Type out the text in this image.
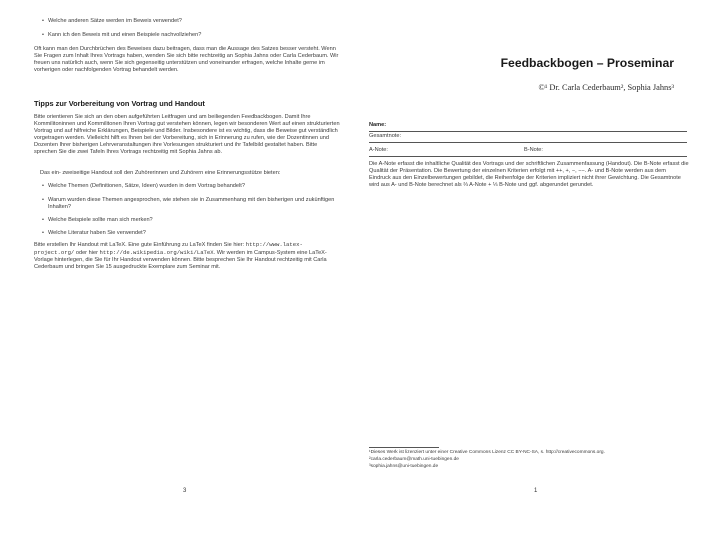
• Welche anderen Sätze werden im Beweis verwendet?
• Kann ich den Beweis mit und einen Beispiele nachvollziehen?
Oft kann man den Durchbrüchen des Beweises dazu beitragen, dass man die Aussage des Satzes besser versteht. Wenn Sie Fragen zum Inhalt Ihres Vortrags haben, wenden Sie sich bitte rechtzeitig an Sophia Jahns oder Carla Cederbaum. Wir freuen uns natürlich auch, wenn Sie sich gegenseitig unterstützen und voneinander erfragen, welche Inhalte gerne im vorherigen oder nachfolgenden Vortrag behandelt werden.
Tipps zur Vorbereitung von Vortrag und Handout
Bitte orientieren Sie sich an den oben aufgeführten Leitfragen und am beiliegenden Feedbackbogen. Damit Ihre Kommilitoninnen und Kommilitonen Ihren Vortrag gut verstehen können, legen wir besonderen Wert auf einen strukturierten Vortrag und auf hilfreiche Erklärungen, Beispiele und Bilder. Insbesondere ist es wichtig, dass die Beweise gut verständlich vorgetragen werden. Vielleicht hilft es Ihnen bei der Vorbereitung, sich in Erinnerung zu rufen, wie der Dozentinnen und Dozenten Ihrer bisherigen Lehrveranstaltungen ihre Vorlesungen strukturiert und ihr Tafelbild gestaltet haben. Bitte sprechen Sie die zwei Tafeln Ihres Vortrags rechtzeitig mit Sophia Jahns ab.
Das ein- zweiseitige Handout soll den Zuhörerinnen und Zuhörern eine Erinnerungsstütze bieten:
• Welche Themen (Definitionen, Sätze, Ideen) wurden in dem Vortrag behandelt?
• Warum wurden diese Themen angesprochen, wie stehen sie in Zusammenhang mit den bisherigen und zukünftigen Inhalten?
• Welche Beispiele sollte man sich merken?
• Welche Literatur haben Sie verwendet?
Bitte erstellen Ihr Handout mit LaTeX. Eine gute Einführung zu LaTeX finden Sie hier: http://www.latex-project.org/ oder hier http://de.wikipedia.org/wiki/LaTeX. Wir werden im Campus-System eine LaTeX-Vorlage hinterlegen, die Sie für Ihr Handout verwenden können. Bitte besprechen Sie Ihr Handout rechtzeitig mit Carla Cederbaum und bringen Sie 15 ausgedruckte Exemplare zum Seminar mit.
3
Feedbackbogen – Proseminar
©¹ Dr. Carla Cederbaum², Sophia Jahns³
Name:
Gesamtnote:
A-Note:	B-Note:
Die A-Note erfasst die inhaltliche Qualität des Vortrags und der schriftlichen Zusammenfassung (Handout). Die B-Note erfasst die Qualität der Präsentation. Die Bewertung der einzelnen Kriterien erfolgt mit ++, +, −, −−. A- und B-Note werden aus dem Eindruck aus den Einzelbewertungen gebildet, die Reihenfolge der Kriterien impliziert nicht ihrer Gewichtung. Die Gesamtnote wird aus A- und B-Note berechnet als ⅔ A-Note + ⅓ B-Note und ggf. abgerundet gerundet.
¹Dieses Werk ist lizenziert unter einer Creative Commons Lizenz CC BY-NC-SA, s. http://creativecommons.org.
²carla.cederbaum@math.uni-tuebingen.de
³sophia.jahns@uni-tuebingen.de
1
